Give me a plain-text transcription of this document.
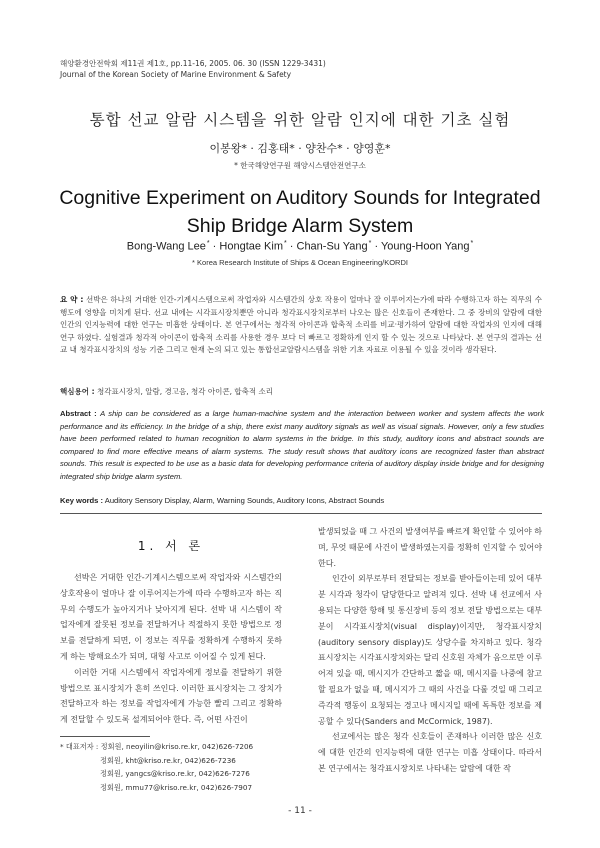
해양환경안전학회 제11권 제1호, pp.11-16, 2005. 06. 30 (ISSN 1229-3431)
Journal of the Korean Society of Marine Environment & Safety
통합 선교 알람 시스템을 위한 알람 인지에 대한 기초 실험
이봉왕* · 김홍태* · 양찬수* · 양영훈*
* 한국해양연구원 해양시스템안전연구소
Cognitive Experiment on Auditory Sounds for Integrated Ship Bridge Alarm System
Bong-Wang Lee* · Hongtae Kim* · Chan-Su Yang* · Young-Hoon Yang*
* Korea Research Institute of Ships & Ocean Engineering/KORDI
요 약 : 선박은 하나의 거대한 인간-기계시스템으로써 작업자와 시스템간의 상호 작용이 얼마나 잘 이루어지는가에 따라 수행하고자 하는 직무의 수행도에 영향을 미치게 된다. 선교 내에는 시각표시장치뿐만 아니라 청각표시장치로부터 나오는 많은 신호들이 존재한다. 그 중 장비의 알람에 대한 인간의 인지능력에 대한 연구는 미흡한 상태이다. 본 연구에서는 청각적 아이콘과 합축적 소리를 비교·평가하여 알람에 대한 작업자의 인지에 대해 연구 하였다. 실험결과 청각적 아이콘이 합축적 소리를 사용한 경우 보다 더 빠르고 정확하게 인지 할 수 있는 것으로 나타났다. 본 연구의 결과는 선교 내 청각표시장치의 성능 기준 그리고 현재 논의 되고 있는 통합선교알람시스템을 위한 기초 자료로 이용될 수 있을 것이라 생각된다.
핵심용어 : 청각표시장치, 알람, 경고음, 청각 아이콘, 합축적 소리
Abstract : A ship can be considered as a large human-machine system and the interaction between worker and system affects the work performance and its efficiency. In the bridge of a ship, there exist many auditory signals as well as visual signals. However, only a few studies have been performed related to human recognition to alarm systems in the bridge. In this study, auditory icons and abstract sounds are compared to find more effective means of alarm systems. The study result shows that auditory icons are recognized faster than abstract sounds. This result is expected to be use as a basic data for developing performance criteria of auditory display inside bridge and for designing integrated ship bridge alarm system.
Key words : Auditory Sensory Display, Alarm, Warning Sounds, Auditory Icons, Abstract Sounds
1. 서 론

선박은 거대한 인간-기계시스템으로써 작업자와 시스템간의 상호작용이 얼마나 잘 이루어지는가에 따라 수행하고자 하는 직무의 수행도가 높아지거나 낮아지게 된다. 선박 내 시스템이 작업자에게 잘못된 정보를 전달하거나 적절하지 못한 방법으로 정보를 전달하게 되면, 이 정보는 직무를 정확하게 수행하지 못하게 하는 방해요소가 되며, 대형 사고로 이어질 수 있게 된다.

이러한 거대 시스템에서 작업자에게 정보를 전달하기 위한 방법으로 표시장치가 흔히 쓰인다. 이러한 표시장치는 그 장치가 전달하고자 하는 정보를 작업자에게 가능한 빨리 그리고 정확하게 전달할 수 있도록 설계되어야 한다. 즉, 어떤 사건이

발생되었을 때 그 사건의 발생여부를 빠르게 확인할 수 있어야 하며, 무엇 때문에 사건이 발생하였는지를 정확히 인지할 수 있어야 한다.

인간이 외부로부터 전달되는 정보를 받아들이는데 있어 대부분 시각과 청각이 담당한다고 알려져 있다. 선박 내 선교에서 사용되는 다양한 항해 및 통신장비 등의 정보 전달 방법으로는 대부분이 시각표시장치(visual display)이지만, 청각표시장치(auditory sensory display)도 상당수를 차지하고 있다. 청각표시장치는 시각표시장치와는 달리 신호원 자체가 음으로만 이루어져 있을 때, 메시지가 간단하고 짧을 때, 메시지를 나중에 참고할 필요가 없을 때, 메시지가 그 때의 사건을 다룰 것일 때 그리고 즉각적 행동이 요청되는 경고나 메시지일 때에 독특한 정보를 제공할 수 있다(Sanders and McCormick, 1987).

선교에서는 많은 청각 신호들이 존재하나 이러한 많은 신호에 대한 인간의 인지능력에 대한 연구는 미흡 상태이다. 따라서 본 연구에서는 청각표시장치로 나타내는 알람에 대한 작

* 대표저자 : 정회원, neoyilin@kriso.re.kr, 042)626-7206
정회원, kht@kriso.re.kr, 042)626-7236
정회원, yangcs@kriso.re.kr, 042)626-7276
정회원, mmu77@kriso.re.kr, 042)626-7907
- 11 -
